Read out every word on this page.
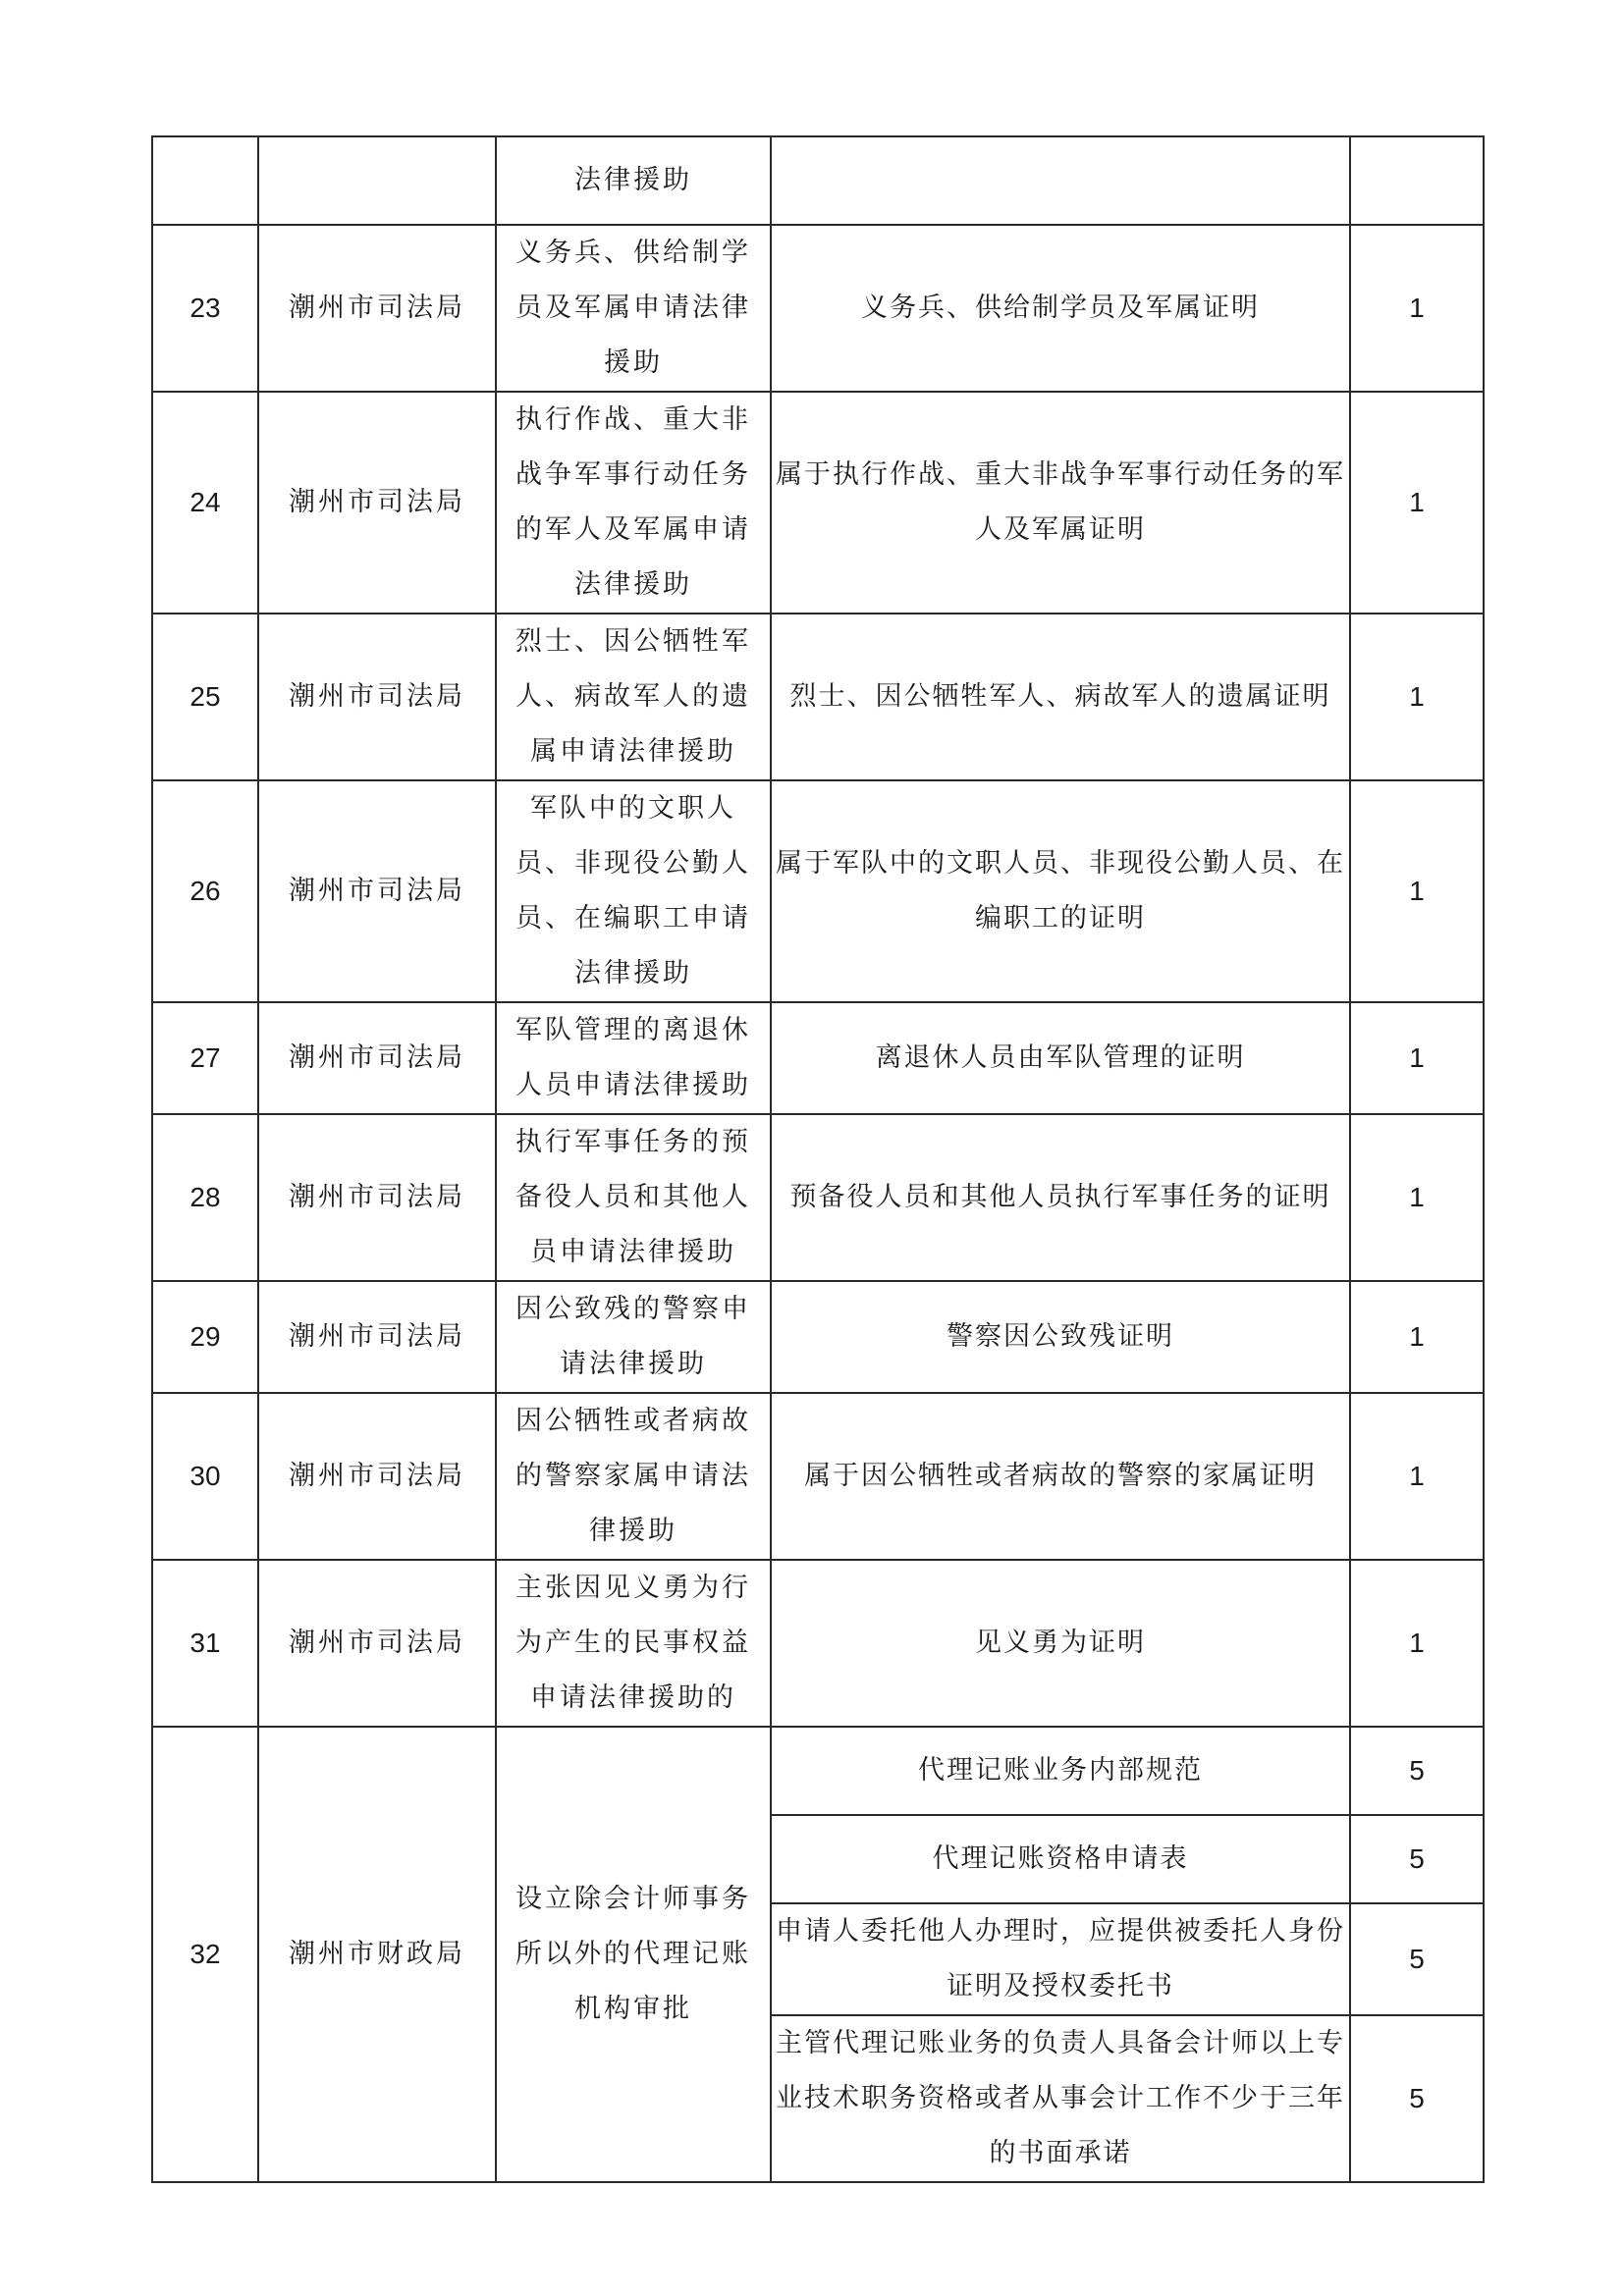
		法律援助		
23	潮州市司法局	义务兵、供给制学员及军属申请法律援助	义务兵、供给制学员及军属证明	1
24	潮州市司法局	执行作战、重大非战争军事行动任务的军人及军属申请法律援助	属于执行作战、重大非战争军事行动任务的军人及军属证明	1
25	潮州市司法局	烈士、因公牺牲军人、病故军人的遗属申请法律援助	烈士、因公牺牲军人、病故军人的遗属证明	1
26	潮州市司法局	军队中的文职人员、非现役公勤人员、在编职工申请法律援助	属于军队中的文职人员、非现役公勤人员、在编职工的证明	1
27	潮州市司法局	军队管理的离退休人员申请法律援助	离退休人员由军队管理的证明	1
28	潮州市司法局	执行军事任务的预备役人员和其他人员申请法律援助	预备役人员和其他人员执行军事任务的证明	1
29	潮州市司法局	因公致残的警察申请法律援助	警察因公致残证明	1
30	潮州市司法局	因公牺牲或者病故的警察家属申请法律援助	属于因公牺牲或者病故的警察的家属证明	1
31	潮州市司法局	主张因见义勇为行为产生的民事权益申请法律援助的	见义勇为证明	1
32	潮州市财政局	设立除会计师事务所以外的代理记账机构审批	代理记账业务内部规范	5
			代理记账资格申请表	5
			申请人委托他人办理时，应提供被委托人身份证明及授权委托书	5
			主管代理记账业务的负责人具备会计师以上专业技术职务资格或者从事会计工作不少于三年的书面承诺	5
